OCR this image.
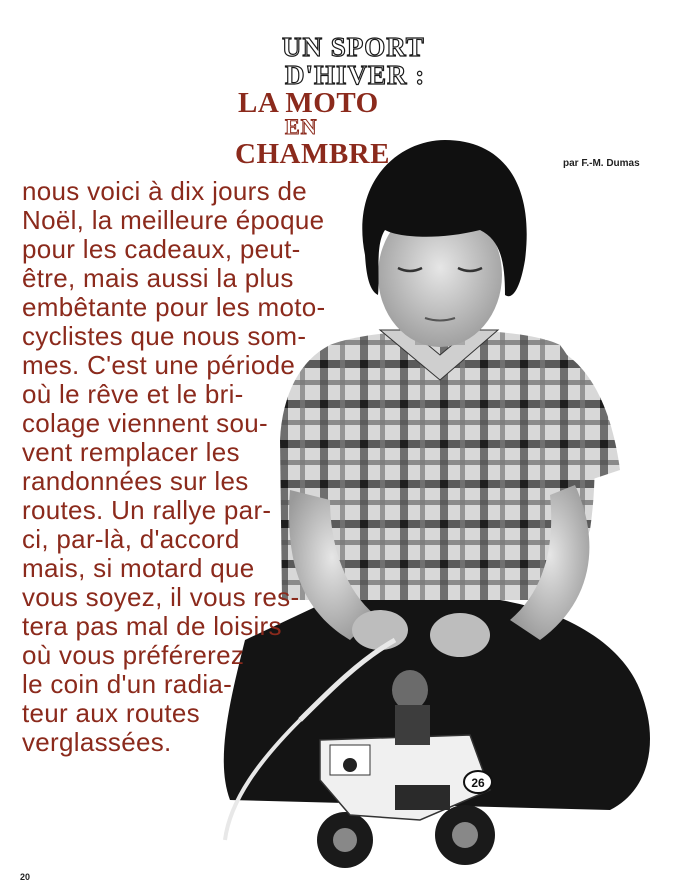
26
UN SPORT
D'HIVER :
LA MOTO
EN
CHAMBRE	par F.-M. Dumas
nous voici à dix jours de
Noël, la meilleure époque
pour les cadeaux, peut-
être, mais aussi la plus
embêtante pour les moto-
cyclistes que nous som-
mes. C'est une période
où le rêve et le bri-
colage viennent sou-
vent remplacer les
randonnées sur les
routes. Un rallye par-
ci, par-là, d'accord
mais, si motard que
vous soyez, il vous res-
tera pas mal de loisirs
où vous préférerez
le coin d'un radia-
teur aux routes
verglassées.
20
